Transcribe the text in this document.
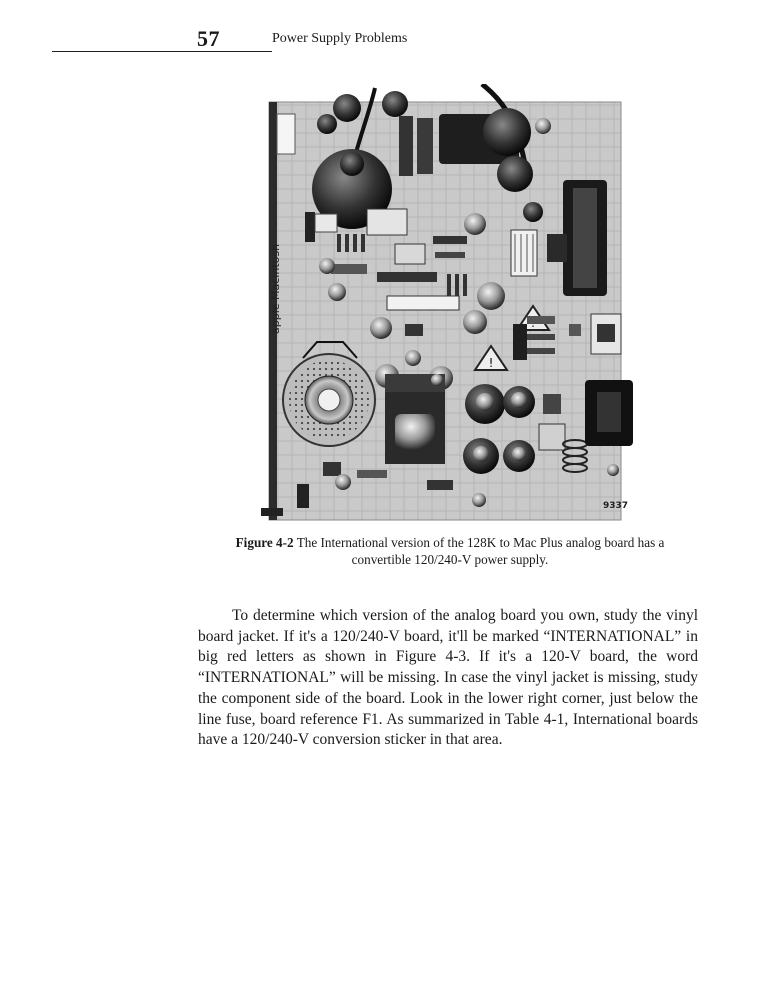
57	Power Supply Problems
apple Macintosh
!
9337
Figure 4-2 The International version of the 128K to Mac Plus analog board has a convertible 120/240-V power supply.
To determine which version of the analog board you own, study the vinyl board jacket. If it's a 120/240-V board, it'll be marked “INTERNATIONAL” in big red letters as shown in Figure 4-3. If it's a 120-V board, the word “INTERNATIONAL” will be missing. In case the vinyl jacket is missing, study the component side of the board. Look in the lower right corner, just below the line fuse, board reference F1. As summarized in Table 4-1, International boards have a 120/240-V conversion sticker in that area.
